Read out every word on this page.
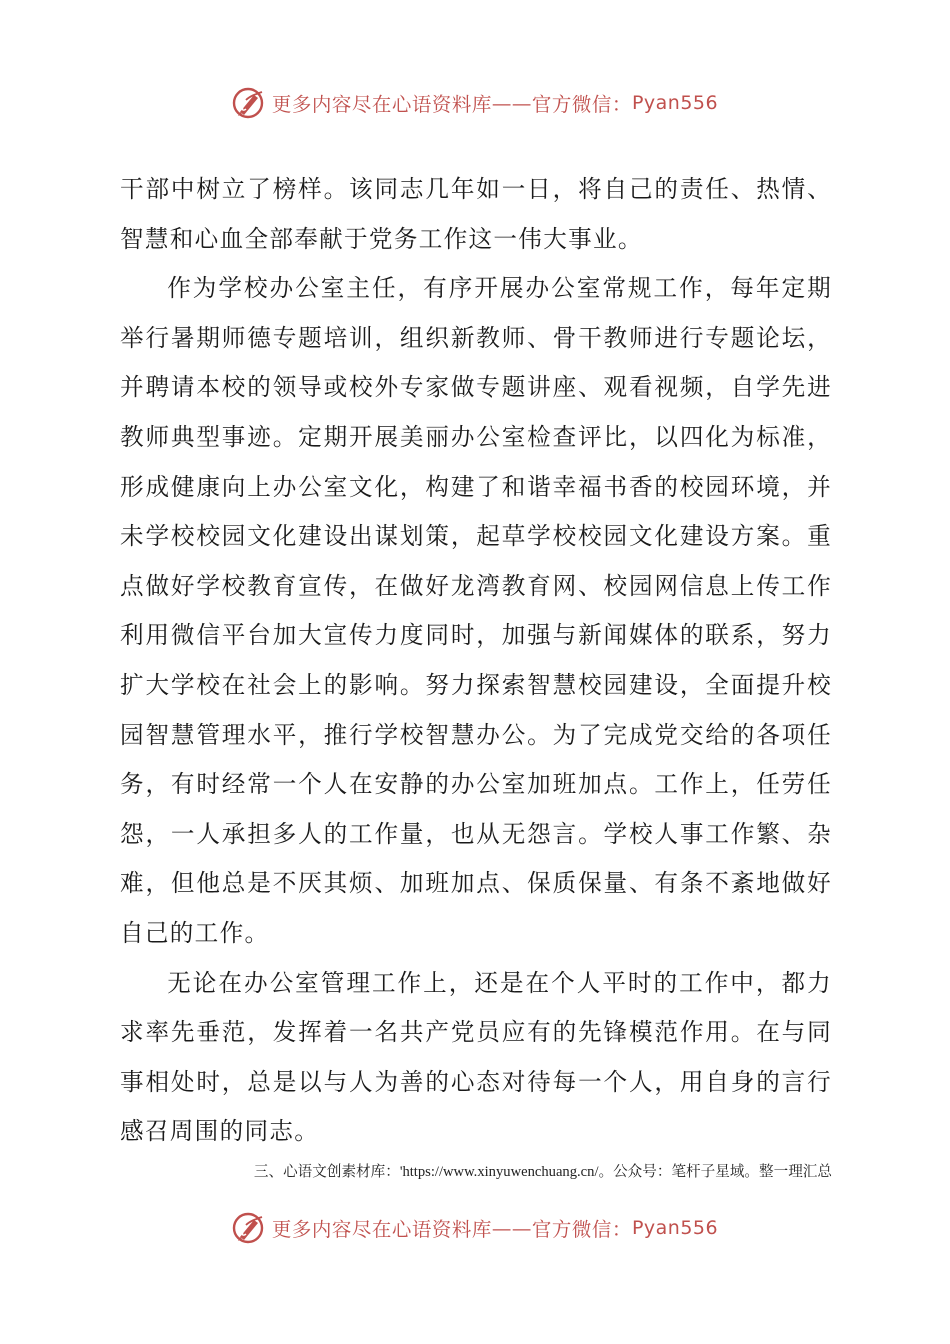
更多内容尽在心语资料库 —— 官方微信： Pyan556

干部中树立了榜样。该同志几年如一日，将自己的责任、热情、智慧和心血全部奉献于党务工作这一伟大事业。

作为学校办公室主任，有序开展办公室常规工作，每年定期举行暑期师德专题培训，组织新教师、骨干教师进行专题论坛，并聘请本校的领导或校外专家做专题讲座、观看视频，自学先进教师典型事迹。定期开展美丽办公室检查评比，以四化为标准，形成健康向上办公室文化，构建了和谐幸福书香的校园环境，并未学校校园文化建设出谋划策，起草学校校园文化建设方案。重点做好学校教育宣传，在做好龙湾教育网、校园网信息上传工作利用微信平台加大宣传力度同时，加强与新闻媒体的联系，努力扩大学校在社会上的影响。努力探索智慧校园建设，全面提升校园智慧管理水平，推行学校智慧办公。为了完成党交给的各项任务，有时经常一个人在安静的办公室加班加点。工作上，任劳任怨，一人承担多人的工作量，也从无怨言。学校人事工作繁、杂难，但他总是不厌其烦、加班加点、保质保量、有条不紊地做好自己的工作。

无论在办公室管理工作上，还是在个人平时的工作中，都力求率先垂范，发挥着一名共产党员应有的先锋模范作用。在与同事相处时，总是以与人为善的心态对待每一个人，用自身的言行感召周围的同志。

三、心语文创素材库：'https://www.xinyuwenchuang.cn/。公众号：笔杆子星域。整一理汇总
更多内容尽在心语资料库 —— 官方微信： Pyan556
